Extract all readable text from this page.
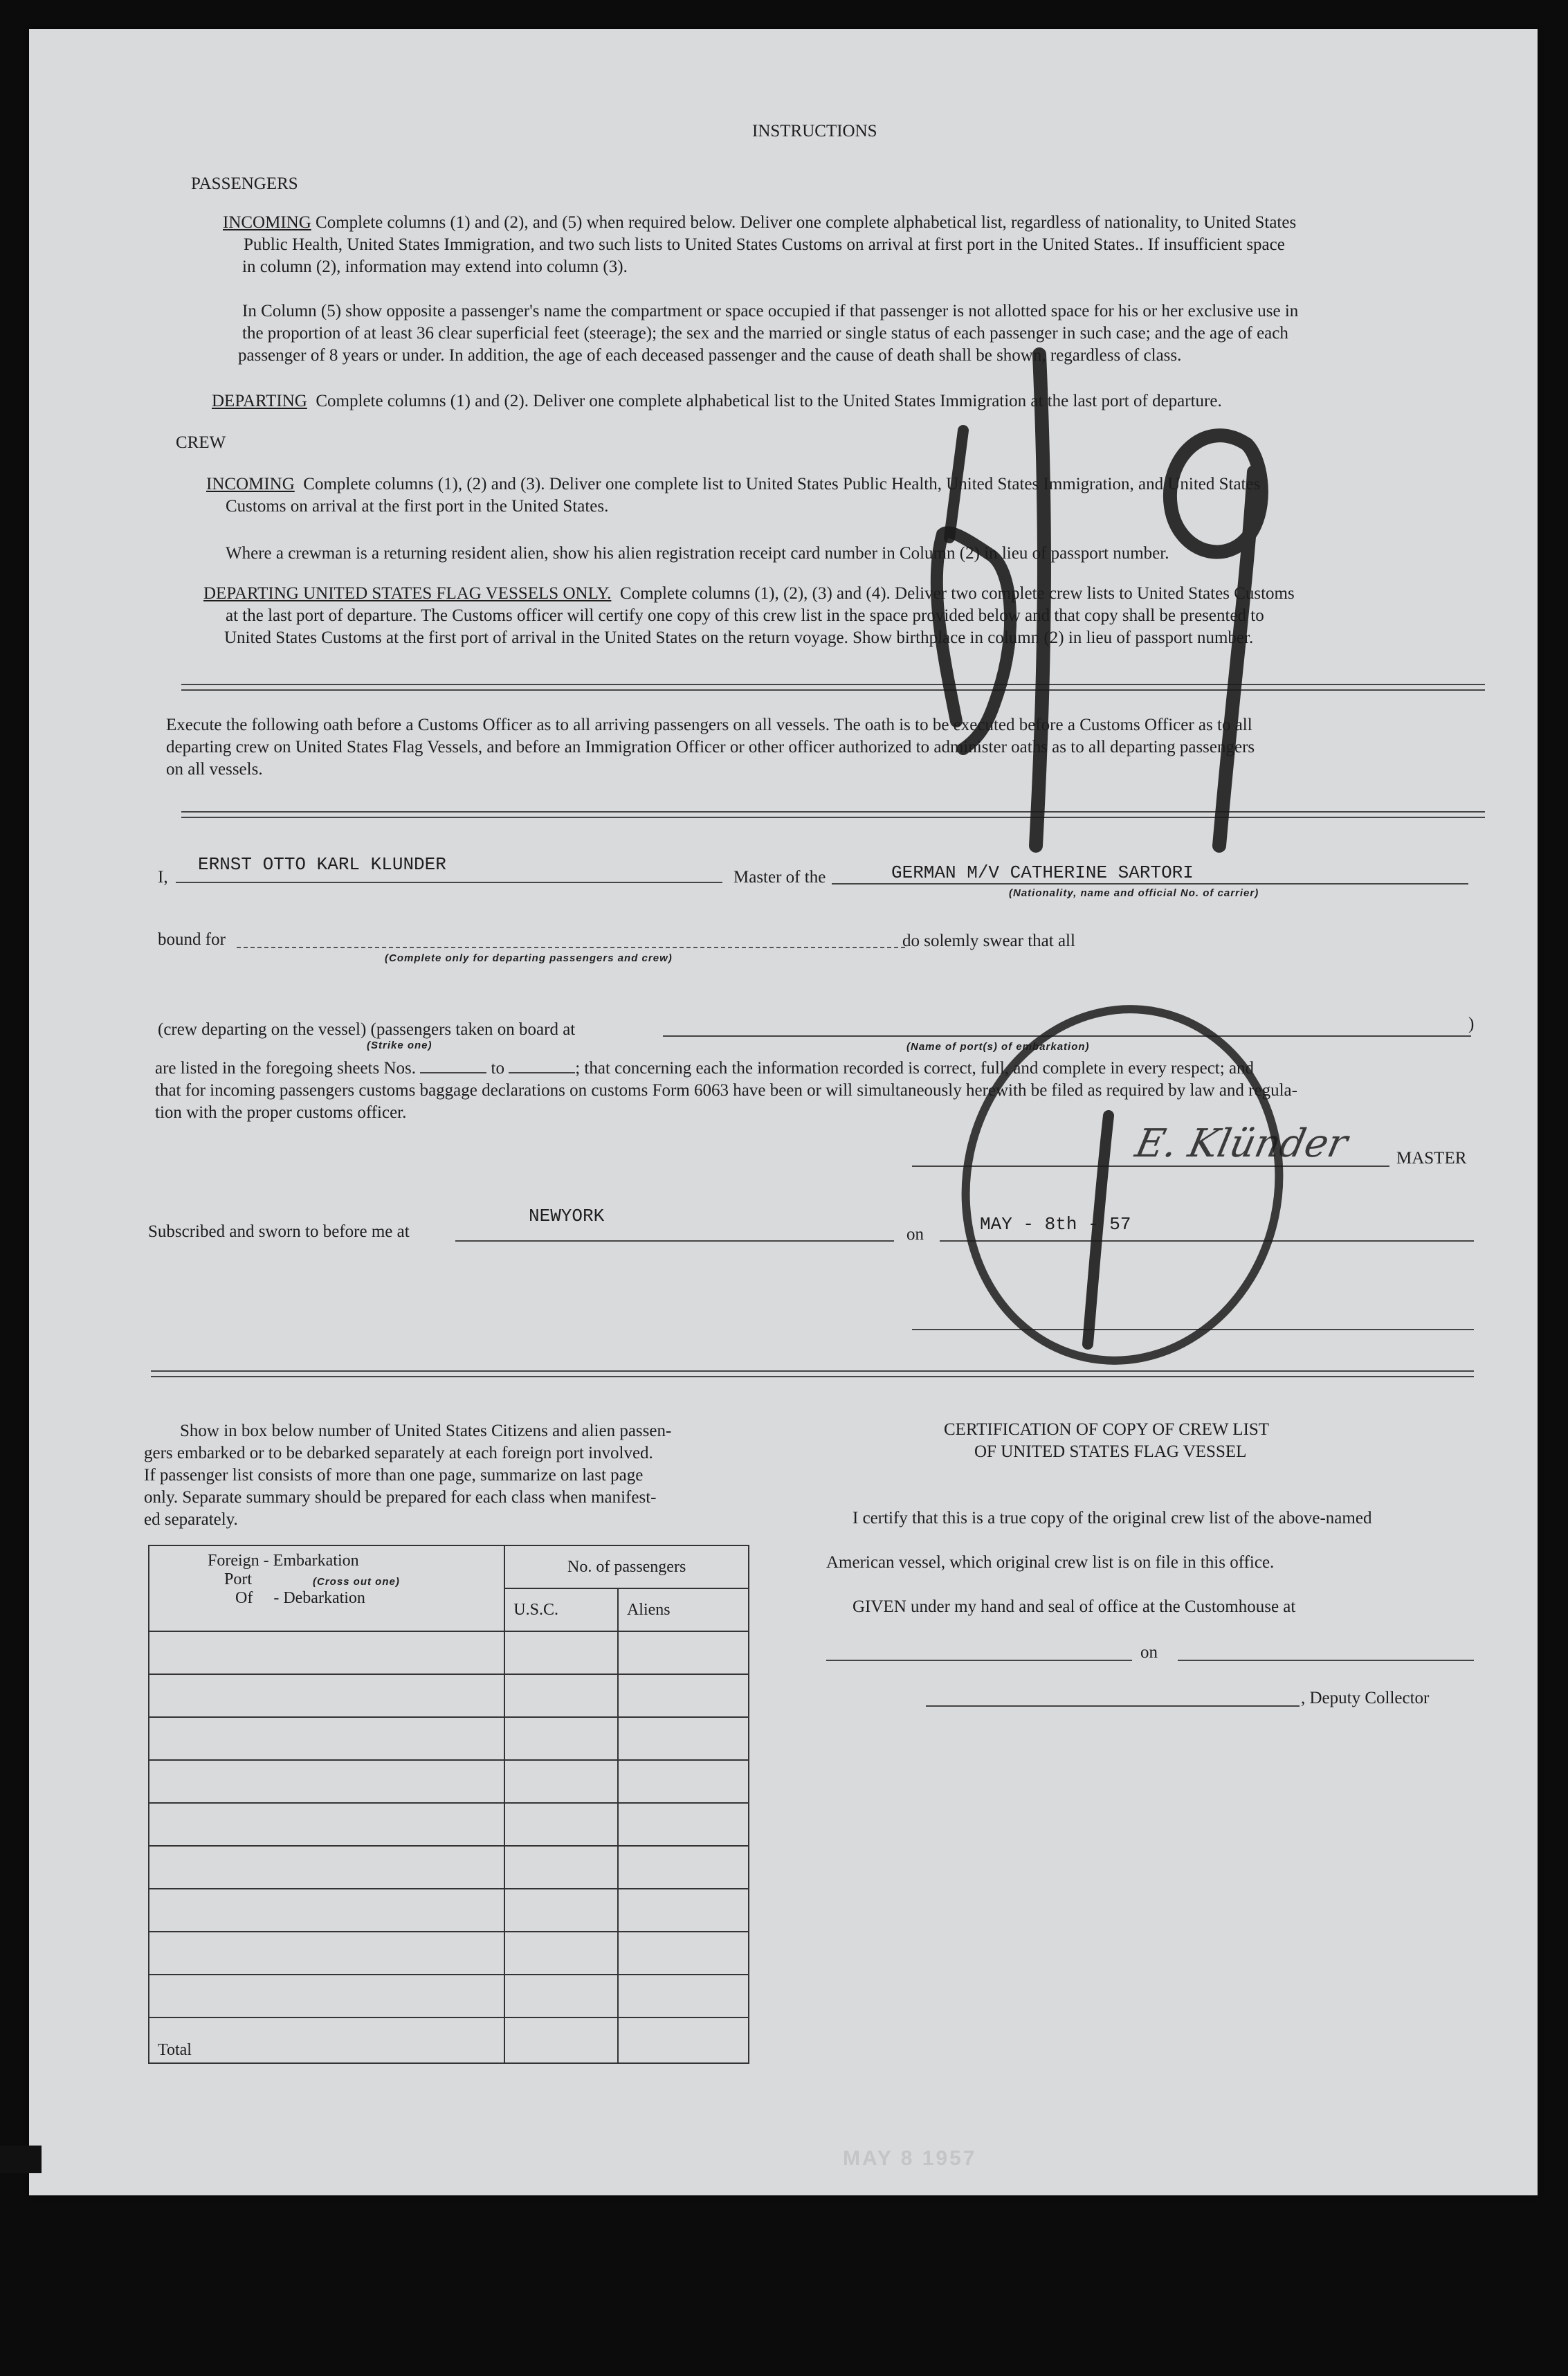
INSTRUCTIONS
PASSENGERS
INCOMING Complete columns (1) and (2), and (5) when required below. Deliver one complete alphabetical list, regardless of nationality, to United States
Public Health, United States Immigration, and two such lists to United States Customs on arrival at first port in the United States.. If insufficient space
in column (2), information may extend into column (3).
In Column (5) show opposite a passenger's name the compartment or space occupied if that passenger is not allotted space for his or her exclusive use in
the proportion of at least 36 clear superficial feet (steerage); the sex and the married or single status of each passenger in such case; and the age of each
passenger of 8 years or under. In addition, the age of each deceased passenger and the cause of death shall be shown, regardless of class.
DEPARTING Complete columns (1) and (2). Deliver one complete alphabetical list to the United States Immigration at the last port of departure.
CREW
INCOMING Complete columns (1), (2) and (3). Deliver one complete list to United States Public Health, United States Immigration, and United States
Customs on arrival at the first port in the United States.
Where a crewman is a returning resident alien, show his alien registration receipt card number in Column (2) in lieu of passport number.
DEPARTING UNITED STATES FLAG VESSELS ONLY. Complete columns (1), (2), (3) and (4). Deliver two complete crew lists to United States Customs
at the last port of departure. The Customs officer will certify one copy of this crew list in the space provided below and that copy shall be presented to
United States Customs at the first port of arrival in the United States on the return voyage. Show birthplace in column (2) in lieu of passport number.
Execute the following oath before a Customs Officer as to all arriving passengers on all vessels. The oath is to be executed before a Customs Officer as to all
departing crew on United States Flag Vessels, and before an Immigration Officer or other officer authorized to administer oaths as to all departing passengers
on all vessels.
I,
ERNST OTTO KARL KLUNDER
Master of the	GERMAN M/V CATHERINE SARTORI
(Nationality, name and official No. of carrier)
bound for
(Complete only for departing passengers and crew)
do solemly swear that all
(crew departing on the vessel) (passengers taken on board at
(Strike one)	(Name of port(s) of embarkation)
)
are listed in the foregoing sheets Nos.	to	; that concerning each the information recorded is correct, full, and complete in every respect; and
that for incoming passengers customs baggage declarations on customs Form 6063 have been or will simultaneously herewith be filed as required by law and regula-
tion with the proper customs officer.
E. Klünder	MASTER
Subscribed and sworn to before me at
NEWYORK
on	MAY - 8th - 57
Show in box below number of United States Citizens and alien passen-
gers embarked or to be debarked separately at each foreign port involved.
If passenger list consists of more than one page, summarize on last page
only. Separate summary should be prepared for each class when manifest-
ed separately.
Foreign - Embarkation
Port (Cross out one)
Of     - Debarkation	No. of passengers	
	U.S.C.	Aliens

Total		
CERTIFICATION OF COPY OF CREW LIST
OF UNITED STATES FLAG VESSEL
I certify that this is a true copy of the original crew list of the above-named
American vessel, which original crew list is on file in this office.
GIVEN under my hand and seal of office at the Customhouse at
on
, Deputy Collector
MAY 8 1957
